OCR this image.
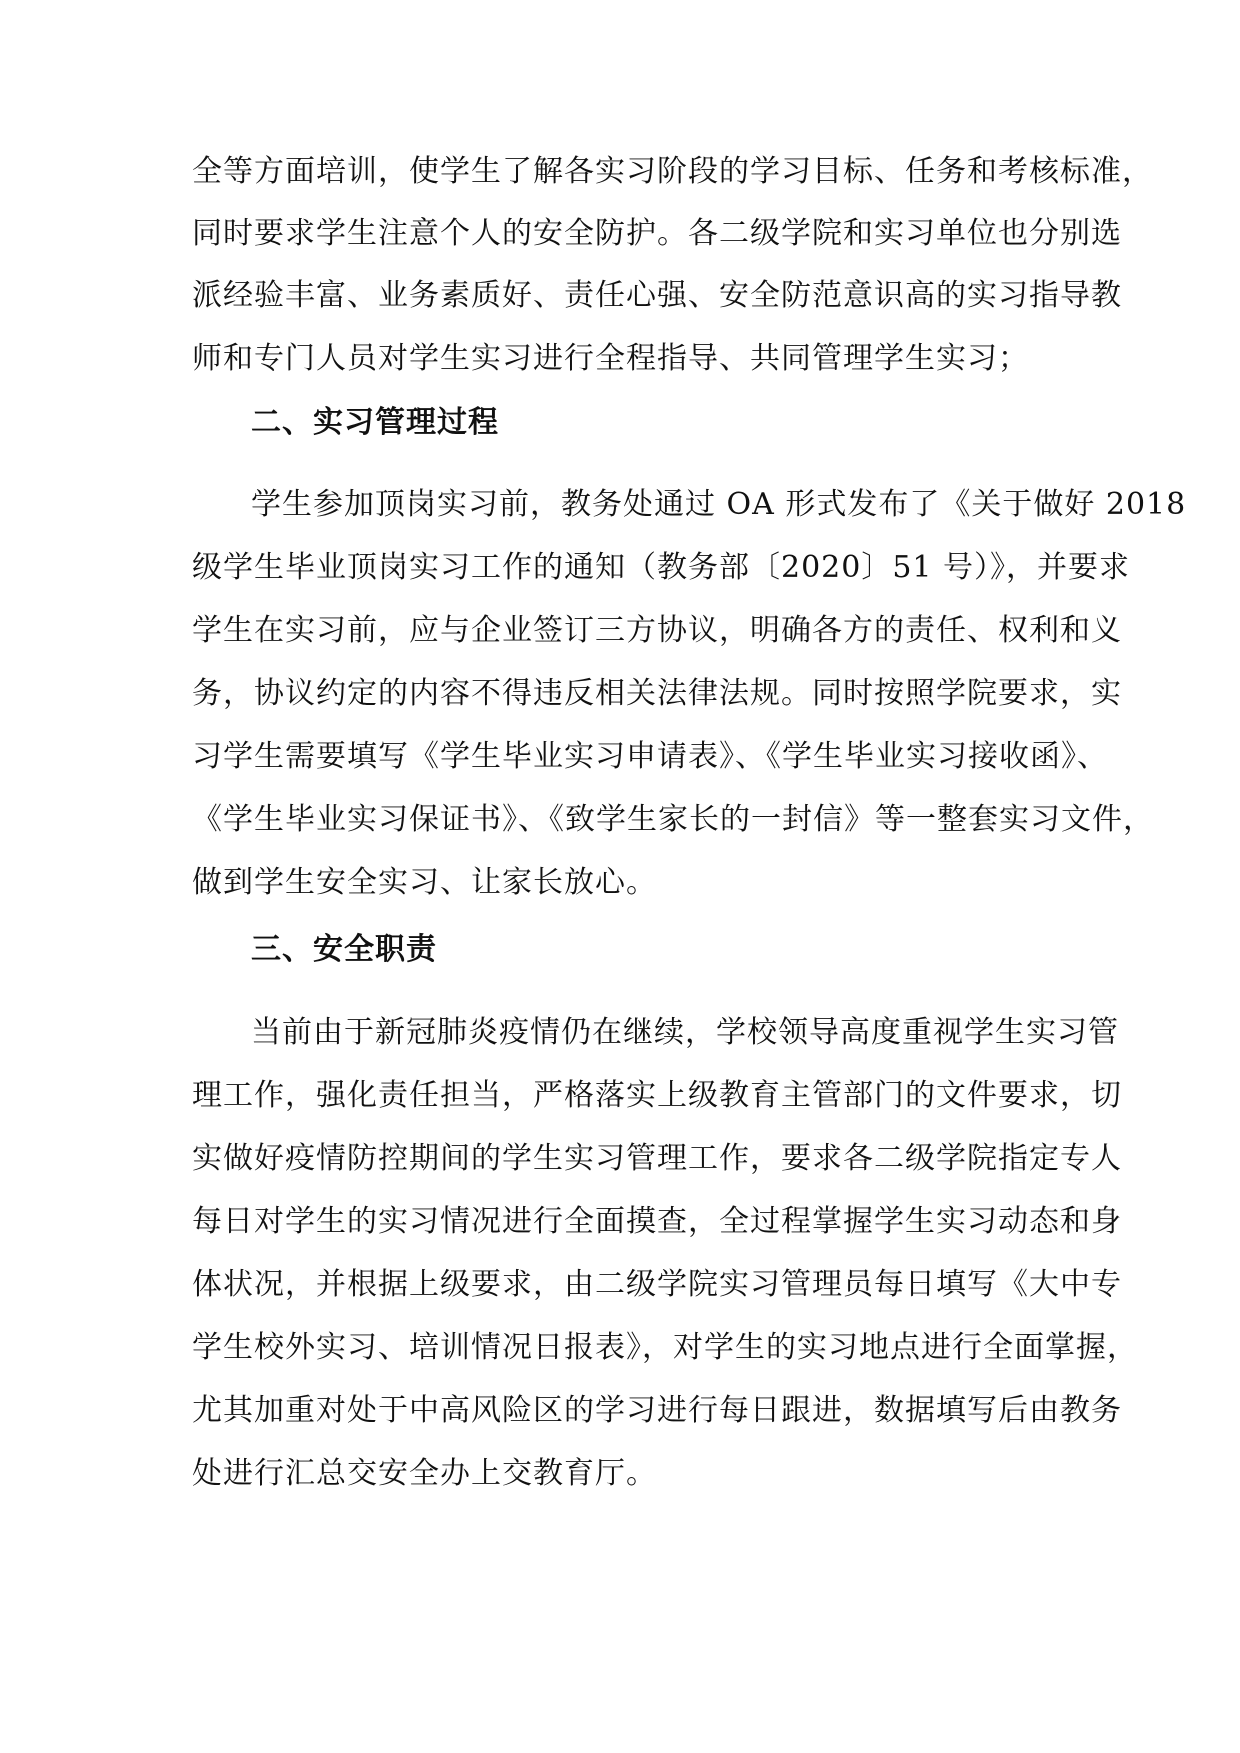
全等方面培训，使学生了解各实习阶段的学习目标、任务和考核标准，
同时要求学生注意个人的安全防护。各二级学院和实习单位也分别选
派经验丰富、业务素质好、责任心强、安全防范意识高的实习指导教
师和专门人员对学生实习进行全程指导、共同管理学生实习；
二、实习管理过程
学生参加顶岗实习前，教务处通过 OA 形式发布了《关于做好 2018
级学生毕业顶岗实习工作的通知（教务部〔2020〕51 号）》，并要求
学生在实习前，应与企业签订三方协议，明确各方的责任、权利和义
务，协议约定的内容不得违反相关法律法规。同时按照学院要求，实
习学生需要填写《学生毕业实习申请表》、《学生毕业实习接收函》、
《学生毕业实习保证书》、《致学生家长的一封信》等一整套实习文件，
做到学生安全实习、让家长放心。
三、安全职责
当前由于新冠肺炎疫情仍在继续，学校领导高度重视学生实习管
理工作，强化责任担当，严格落实上级教育主管部门的文件要求，切
实做好疫情防控期间的学生实习管理工作，要求各二级学院指定专人
每日对学生的实习情况进行全面摸查，全过程掌握学生实习动态和身
体状况，并根据上级要求，由二级学院实习管理员每日填写《大中专
学生校外实习、培训情况日报表》，对学生的实习地点进行全面掌握，
尤其加重对处于中高风险区的学习进行每日跟进，数据填写后由教务
处进行汇总交安全办上交教育厅。
